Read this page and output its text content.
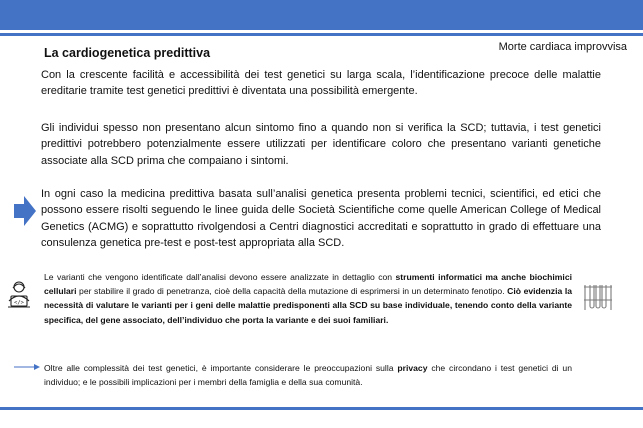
Morte cardiaca improvvisa
La cardiogenetica predittiva

Con la crescente facilità e accessibilità dei test genetici su larga scala, l’identificazione precoce delle malattie ereditarie tramite test genetici predittivi è diventata una possibilità emergente.

Gli individui spesso non presentano alcun sintomo fino a quando non si verifica la SCD; tuttavia, i test genetici predittivi potrebbero potenzialmente essere utilizzati per identificare coloro che presentano varianti genetiche associate alla SCD prima che compaiano i sintomi.

In ogni caso la medicina predittiva basata sull’analisi genetica presenta problemi tecnici, scientifici, ed etici che possono essere risolti seguendo le linee guida delle Società Scientifiche come quelle American College of Medical Genetics (ACMG) e soprattutto rivolgendosi a Centri diagnostici accreditati e soprattutto in grado di effettuare una consulenza genetica pre-test e post-test appropriata alla SCD.

Le varianti che vengono identificate dall’analisi devono essere analizzate in dettaglio con strumenti informatici ma anche biochimici cellulari per stabilire il grado di penetranza, cioè della capacità della mutazione di esprimersi in un determinato fenotipo. Ciò evidenzia la necessità di valutare le varianti per i geni delle malattie predisponenti alla SCD su base individuale, tenendo conto della variante specifica, del gene associato, dell’individuo che porta la variante e dei suoi familiari.

</>

Oltre alle complessità dei test genetici, è importante considerare le preoccupazioni sulla privacy che circondano i test genetici di un individuo; e le possibili implicazioni per i membri della famiglia e della sua comunità.
